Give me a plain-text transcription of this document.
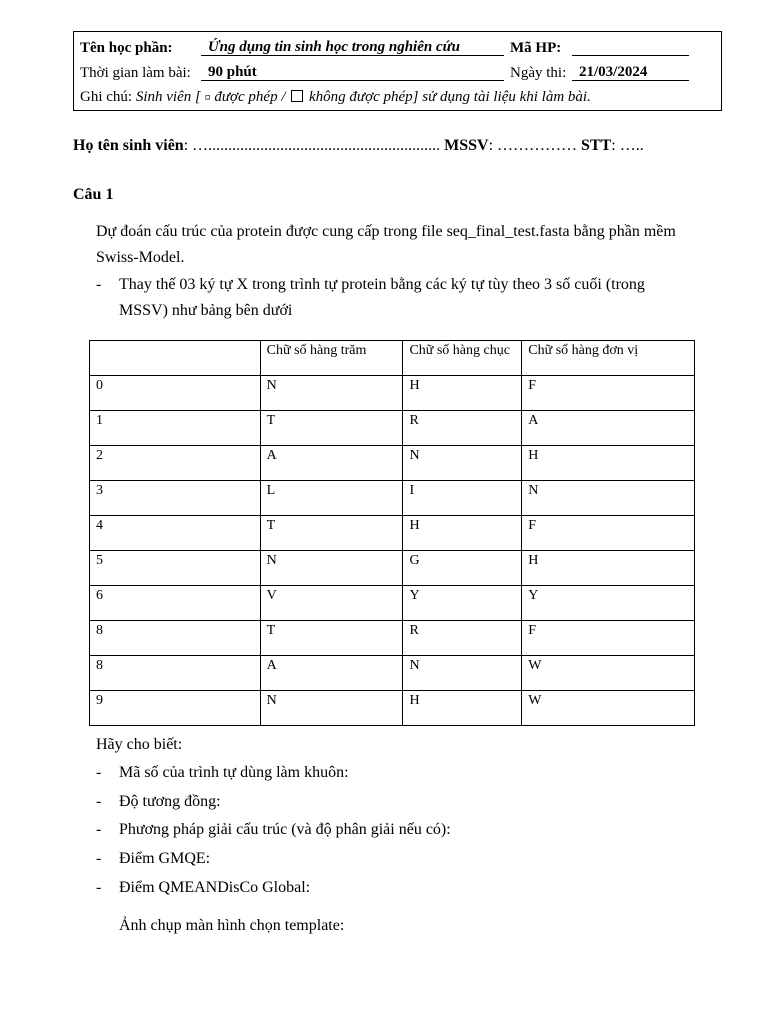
Tên học phần:	Ứng dụng tin sinh học trong nghiên cứu	Mã HP:
Thời gian làm bài:	90 phút	Ngày thi: 21/03/2024
Ghi chú: Sinh viên [ ¤ được phép / không được phép] sử dụng tài liệu khi làm bài.
Họ tên sinh viên: ….......................................................... MSSV: …………… STT: …..
Câu 1
Dự đoán cấu trúc của protein được cung cấp trong file seq_final_test.fasta bằng phần mềm Swiss-Model.
- Thay thế 03 ký tự X trong trình tự protein bằng các ký tự tùy theo 3 số cuối (trong MSSV) như bảng bên dưới
	Chữ số hàng trăm	Chữ số hàng chục	Chữ số hàng đơn vị
0	N	H	F
1	T	R	A
2	A	N	H
3	L	I	N
4	T	H	F
5	N	G	H
6	V	Y	Y
8	T	R	F
8	A	N	W
9	N	H	W
Hãy cho biết:
- Mã số của trình tự dùng làm khuôn:
- Độ tương đồng:
- Phương pháp giải cấu trúc (và độ phân giải nếu có):
- Điểm GMQE:
- Điểm QMEANDisCo Global:
Ảnh chụp màn hình chọn template:
